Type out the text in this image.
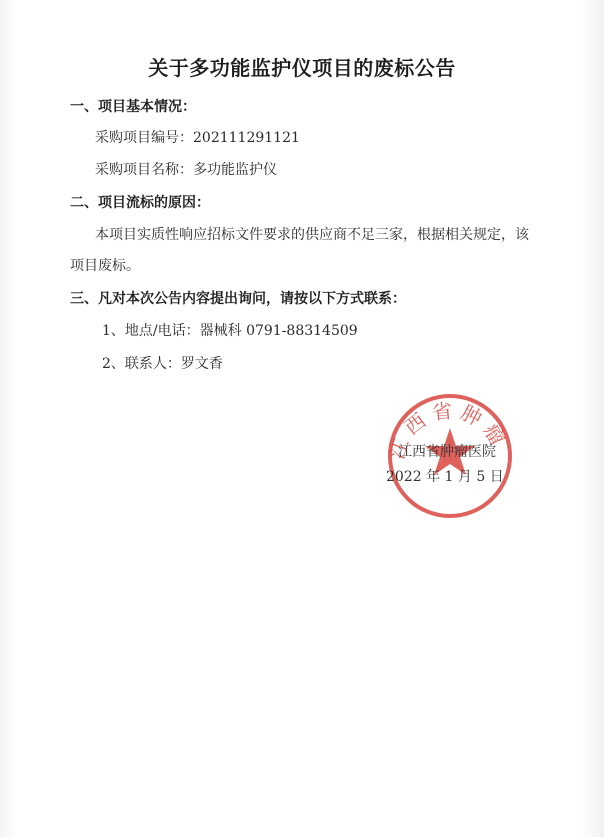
关于多功能监护仪项目的废标公告
一、项目基本情况：
采购项目编号：202111291121
采购项目名称：多功能监护仪
二、项目流标的原因：
本项目实质性响应招标文件要求的供应商不足三家，根据相关规定，该
项目废标。
三、凡对本次公告内容提出询问，请按以下方式联系：
1、地点/电话：器械科 0791-88314509
2、联系人：罗文香
江西省肿瘤
江西省肿瘤医院
2022 年 1 月 5 日
